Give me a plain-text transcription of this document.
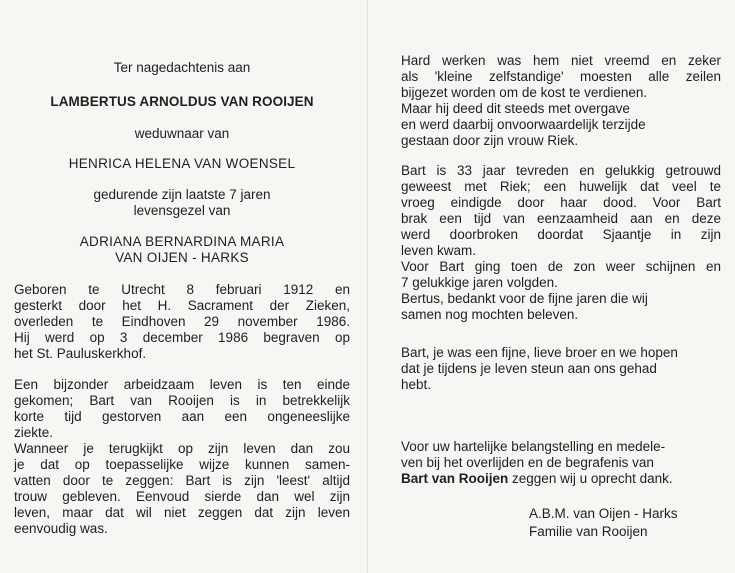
Ter nagedachtenis aan
LAMBERTUS ARNOLDUS VAN ROOIJEN
weduwnaar van
HENRICA HELENA VAN WOENSEL
gedurende zijn laatste 7 jaren
levensgezel van
ADRIANA BERNARDINA MARIA
VAN OIJEN - HARKS
Geboren te Utrecht 8 februari 1912 en
gesterkt door het H. Sacrament der Zieken,
overleden te Eindhoven 29 november 1986.
Hij werd op 3 december 1986 begraven op
het St. Pauluskerkhof.
Een bijzonder arbeidzaam leven is ten einde
gekomen; Bart van Rooijen is in betrekkelijk
korte tijd gestorven aan een ongeneeslijke
ziekte.
Wanneer je terugkijkt op zijn leven dan zou
je dat op toepasselijke wijze kunnen samen-
vatten door te zeggen: Bart is zijn 'leest' altijd
trouw gebleven. Eenvoud sierde dan wel zijn
leven, maar dat wil niet zeggen dat zijn leven
eenvoudig was.
Hard werken was hem niet vreemd en zeker
als 'kleine zelfstandige' moesten alle zeilen
bijgezet worden om de kost te verdienen.
Maar hij deed dit steeds met overgave
en werd daarbij onvoorwaardelijk terzijde
gestaan door zijn vrouw Riek.
Bart is 33 jaar tevreden en gelukkig getrouwd
geweest met Riek; een huwelijk dat veel te
vroeg eindigde door haar dood. Voor Bart
brak een tijd van eenzaamheid aan en deze
werd doorbroken doordat Sjaantje in zijn
leven kwam.
Voor Bart ging toen de zon weer schijnen en
7 gelukkige jaren volgden.
Bertus, bedankt voor de fijne jaren die wij
samen nog mochten beleven.
Bart, je was een fijne, lieve broer en we hopen
dat je tijdens je leven steun aan ons gehad
hebt.
Voor uw hartelijke belangstelling en medele-
ven bij het overlijden en de begrafenis van
Bart van Rooijen zeggen wij u oprecht dank.
A.B.M. van Oijen - Harks
Familie van Rooijen
